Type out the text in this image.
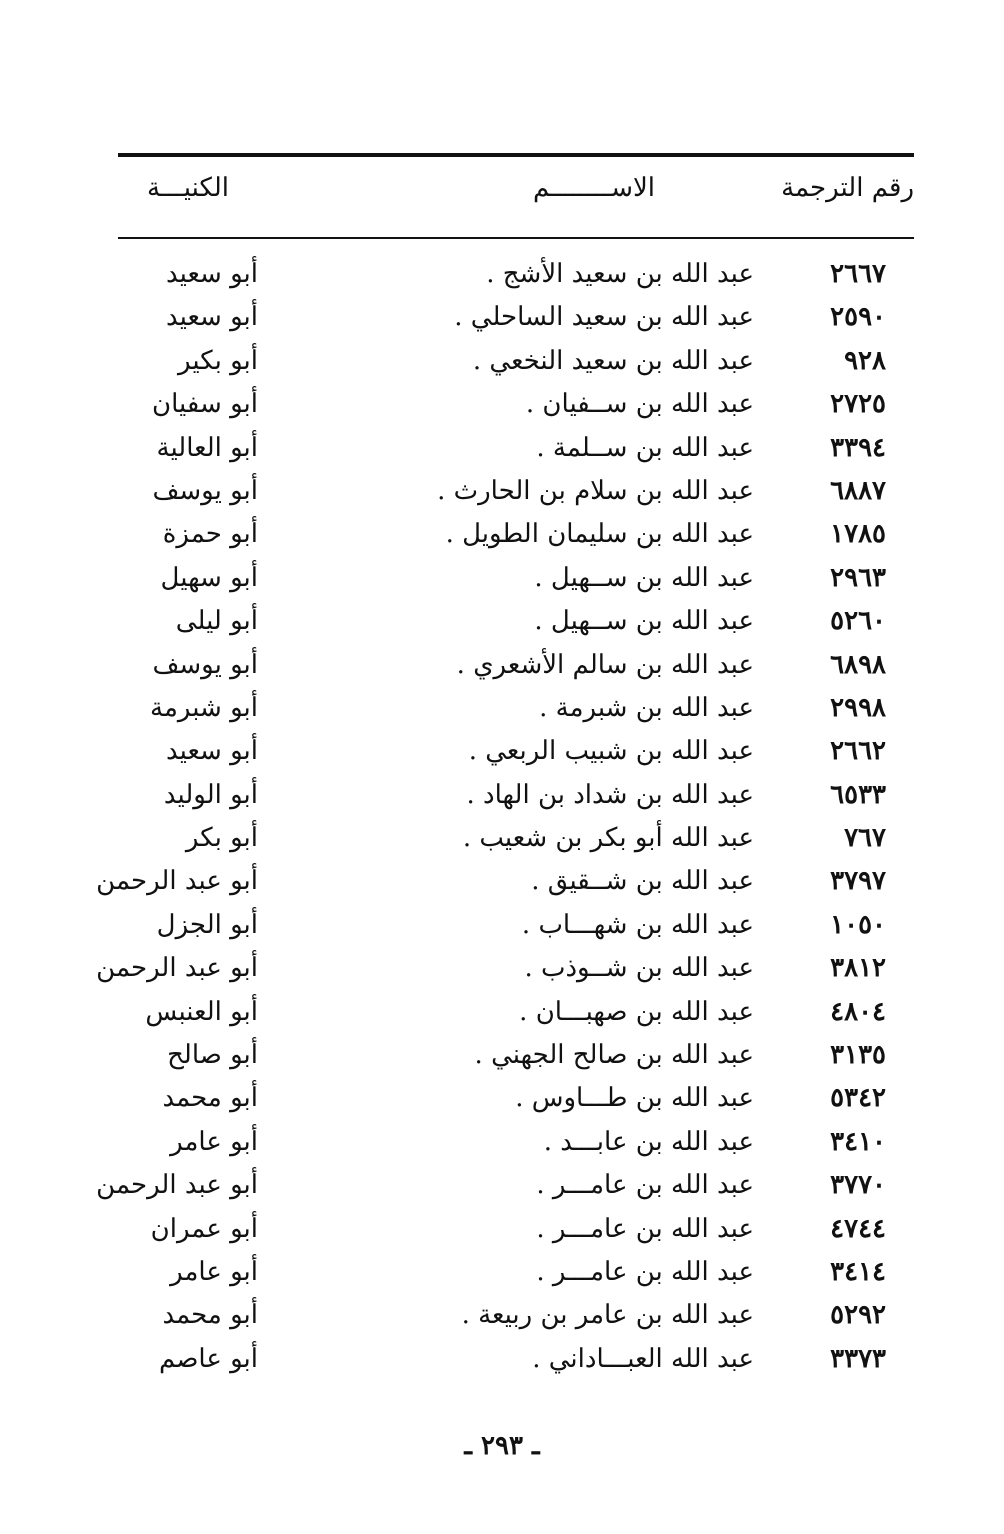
رقم الترجمة
الاســــــــم
الكنيـــة
٢٦٦٧
عبد الله بن سعيد الأشج .
أبو سعيد
٢٥٩٠
عبد الله بن سعيد الساحلي .
أبو سعيد
٩٢٨
عبد الله بن سعيد النخعي .
أبو بكير
٢٧٢٥
عبد الله بن ســفيان .
أبو سفيان
٣٣٩٤
عبد الله بن ســلمة .
أبو العالية
٦٨٨٧
عبد الله بن سلام بن الحارث .
أبو يوسف
١٧٨٥
عبد الله بن سليمان الطويل .
أبو حمزة
٢٩٦٣
عبد الله بن ســهيل .
أبو سهيل
٥٢٦٠
عبد الله بن ســهيل .
أبو ليلى
٦٨٩٨
عبد الله بن سالم الأشعري .
أبو يوسف
٢٩٩٨
عبد الله بن شبرمة .
أبو شبرمة
٢٦٦٢
عبد الله بن شبيب الربعي .
أبو سعيد
٦٥٣٣
عبد الله بن شداد بن الهاد .
أبو الوليد
٧٦٧
عبد الله أبو بكر بن شعيب .
أبو بكر
٣٧٩٧
عبد الله بن شــقيق .
أبو عبد الرحمن
١٠٥٠
عبد الله بن شهـــاب .
أبو الجزل
٣٨١٢
عبد الله بن شــوذب .
أبو عبد الرحمن
٤٨٠٤
عبد الله بن صهبـــان .
أبو العنبس
٣١٣٥
عبد الله بن صالح الجهني .
أبو صالح
٥٣٤٢
عبد الله بن طـــاوس .
أبو محمد
٣٤١٠
عبد الله بن عابـــد .
أبو عامر
٣٧٧٠
عبد الله بن عامـــر .
أبو عبد الرحمن
٤٧٤٤
عبد الله بن عامـــر .
أبو عمران
٣٤١٤
عبد الله بن عامـــر .
أبو عامر
٥٢٩٢
عبد الله بن عامر بن ربيعة .
أبو محمد
٣٣٧٣
عبد الله العبـــاداني .
أبو عاصم
ـ ٢٩٣ ـ
